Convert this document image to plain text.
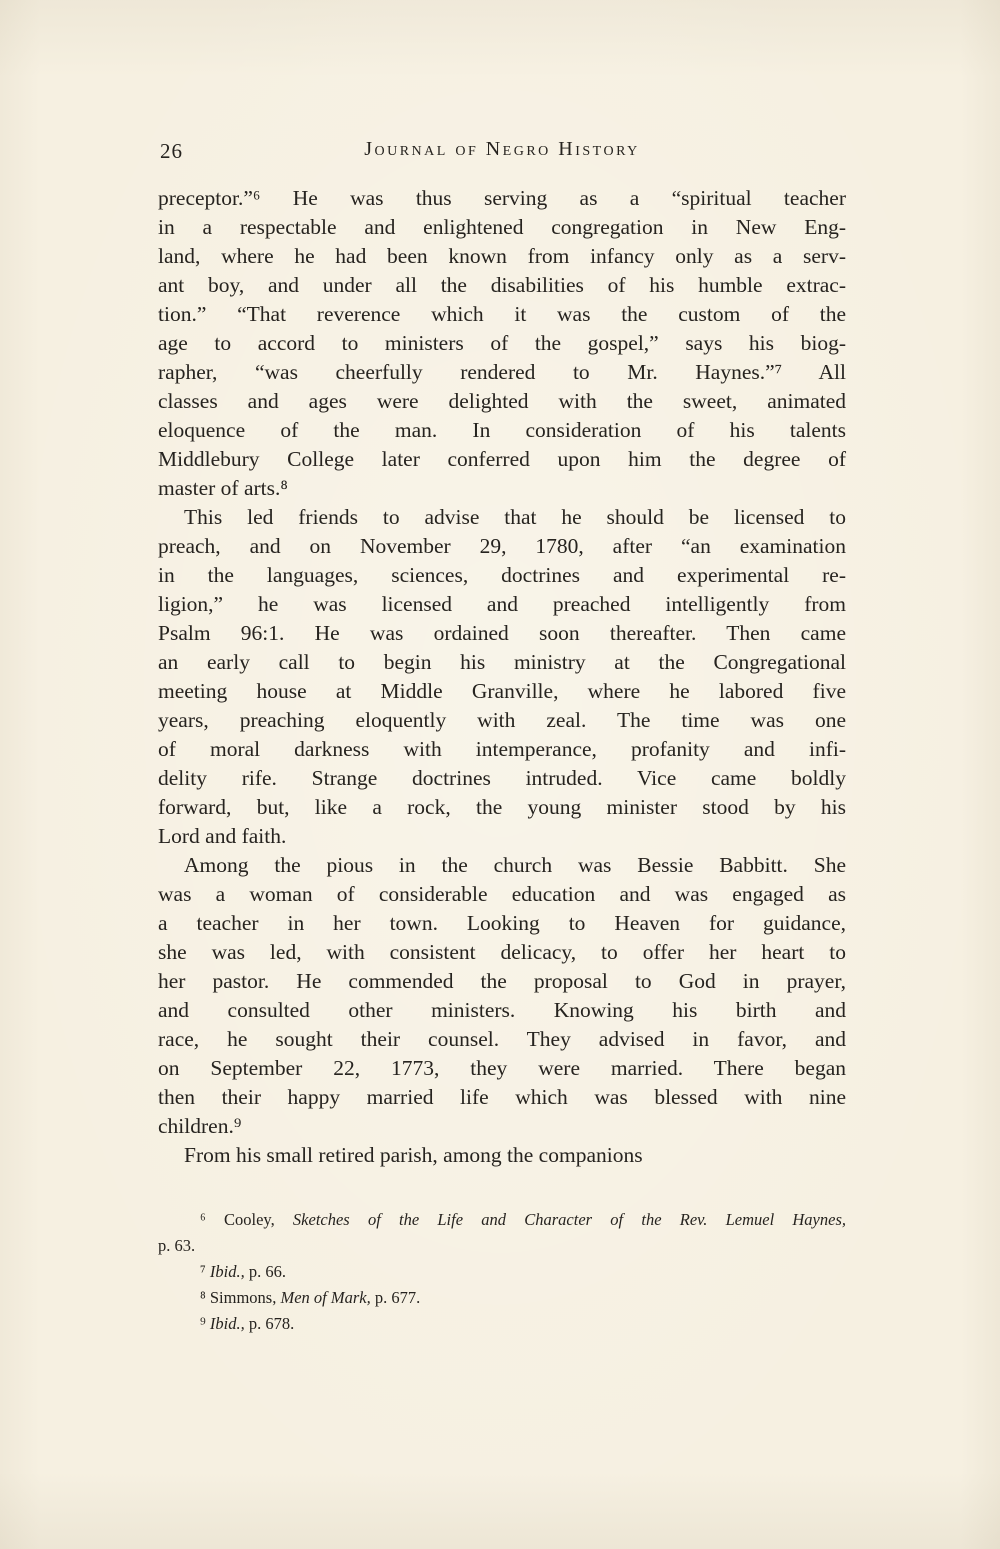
26	Journal of Negro History
preceptor.”⁶ He was thus serving as a “spiritual teacher
in a respectable and enlightened congregation in New Eng-
land, where he had been known from infancy only as a serv-
ant boy, and under all the disabilities of his humble extrac-
tion.” “That reverence which it was the custom of the
age to accord to ministers of the gospel,” says his biog-
rapher, “was cheerfully rendered to Mr. Haynes.”⁷ All
classes and ages were delighted with the sweet, animated
eloquence of the man. In consideration of his talents
Middlebury College later conferred upon him the degree of
master of arts.⁸
This led friends to advise that he should be licensed to
preach, and on November 29, 1780, after “an examination
in the languages, sciences, doctrines and experimental re-
ligion,” he was licensed and preached intelligently from
Psalm 96:1. He was ordained soon thereafter. Then came
an early call to begin his ministry at the Congregational
meeting house at Middle Granville, where he labored five
years, preaching eloquently with zeal. The time was one
of moral darkness with intemperance, profanity and infi-
delity rife. Strange doctrines intruded. Vice came boldly
forward, but, like a rock, the young minister stood by his
Lord and faith.
Among the pious in the church was Bessie Babbitt. She
was a woman of considerable education and was engaged as
a teacher in her town. Looking to Heaven for guidance,
she was led, with consistent delicacy, to offer her heart to
her pastor. He commended the proposal to God in prayer,
and consulted other ministers. Knowing his birth and
race, he sought their counsel. They advised in favor, and
on September 22, 1773, they were married. There began
then their happy married life which was blessed with nine
children.⁹
From his small retired parish, among the companions
⁶ Cooley, Sketches of the Life and Character of the Rev. Lemuel Haynes,
p. 63.
⁷ Ibid., p. 66.
⁸ Simmons, Men of Mark, p. 677.
⁹ Ibid., p. 678.
